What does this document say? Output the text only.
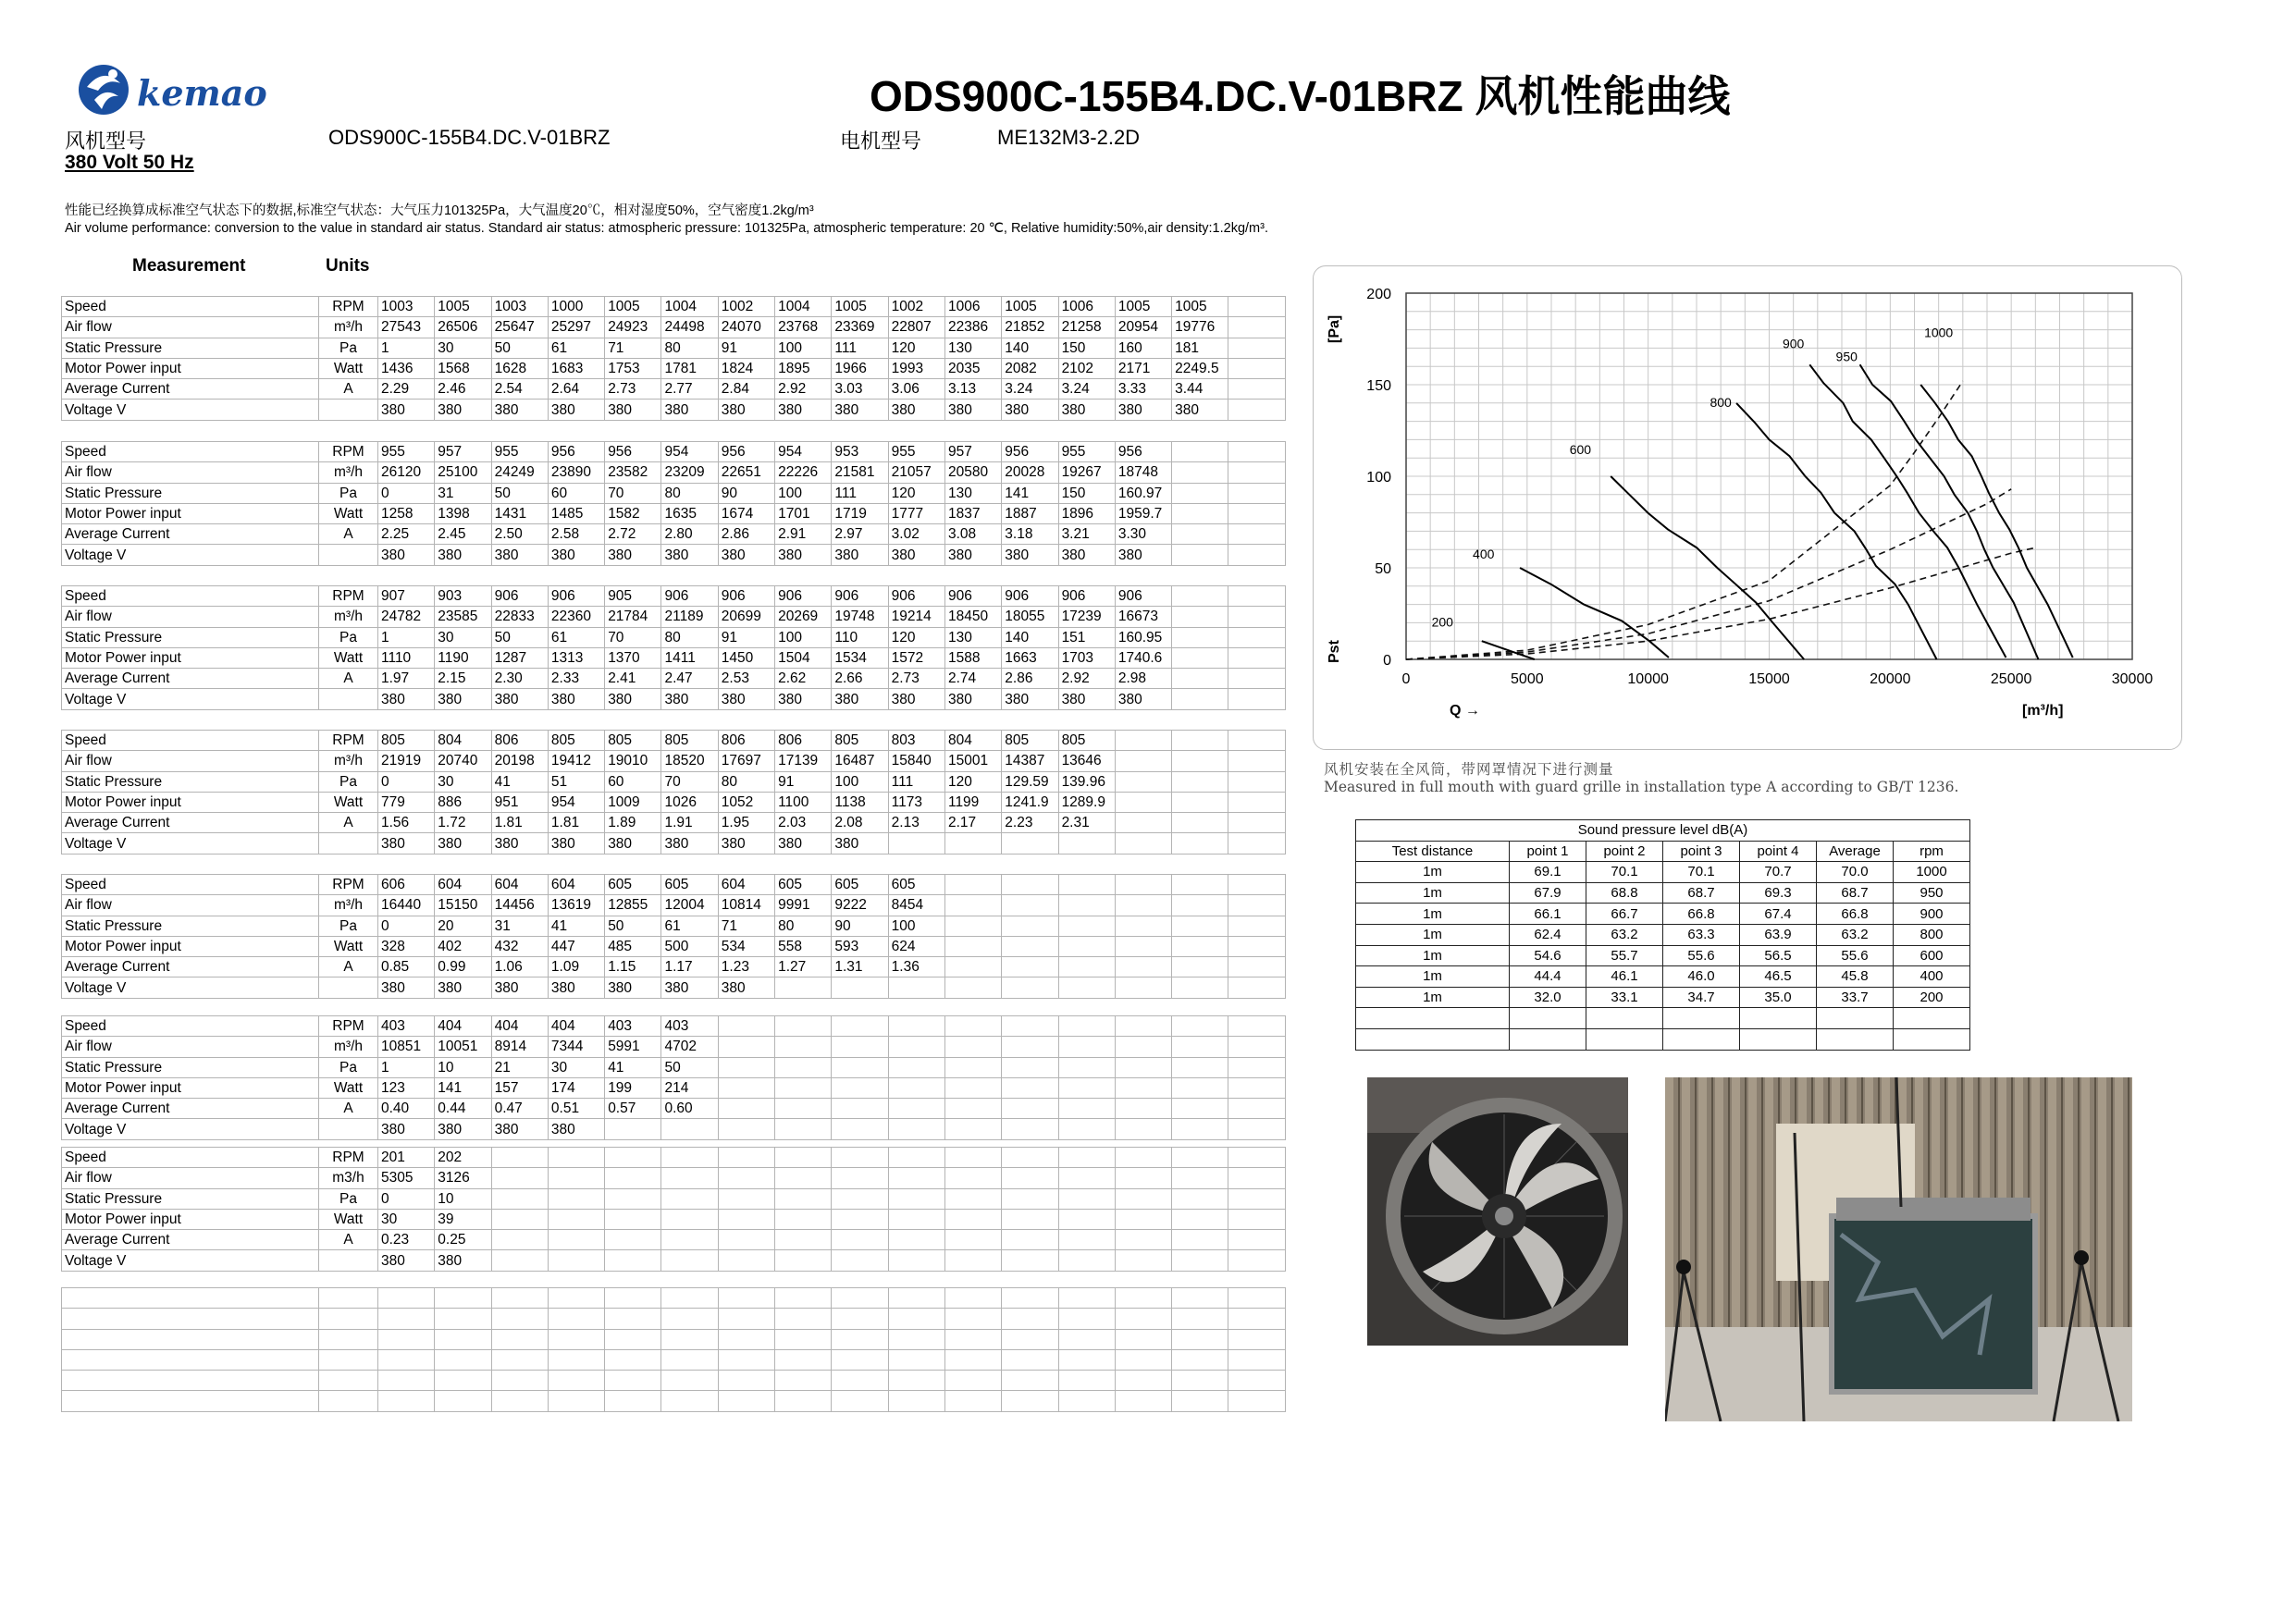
kemao	ODS900C-155B4.DC.V-01BRZ 风机性能曲线
风机型号	ODS900C-155B4.DC.V-01BRZ	电机型号	ME132M3-2.2D
380 Volt 50 Hz
性能已经换算成标准空气状态下的数据,标准空气状态：大气压力101325Pa，大气温度20℃，相对湿度50%，空气密度1.2kg/m³
Air volume performance: conversion to the value in standard air status. Standard air status: atmospheric pressure: 101325Pa, atmospheric temperature: 20 ℃, Relative humidity:50%,air density:1.2kg/m³.
Measurement	Units
Speed	RPM	1003	1005	1003	1000	1005	1004	1002	1004	1005	1002	1006	1005	1006	1005	1005	
Air flow	m³/h	27543	26506	25647	25297	24923	24498	24070	23768	23369	22807	22386	21852	21258	20954	19776	
Static Pressure	Pa	1	30	50	61	71	80	91	100	111	120	130	140	150	160	181	
Motor Power input	Watt	1436	1568	1628	1683	1753	1781	1824	1895	1966	1993	2035	2082	2102	2171	2249.5	
Average Current	A	2.29	2.46	2.54	2.64	2.73	2.77	2.84	2.92	3.03	3.06	3.13	3.24	3.24	3.33	3.44	
Voltage V		380	380	380	380	380	380	380	380	380	380	380	380	380	380	380	
Speed	RPM	955	957	955	956	956	954	956	954	953	955	957	956	955	956		
Air flow	m³/h	26120	25100	24249	23890	23582	23209	22651	22226	21581	21057	20580	20028	19267	18748		
Static Pressure	Pa	0	31	50	60	70	80	90	100	111	120	130	141	150	160.97		
Motor Power input	Watt	1258	1398	1431	1485	1582	1635	1674	1701	1719	1777	1837	1887	1896	1959.7		
Average Current	A	2.25	2.45	2.50	2.58	2.72	2.80	2.86	2.91	2.97	3.02	3.08	3.18	3.21	3.30		
Voltage V		380	380	380	380	380	380	380	380	380	380	380	380	380	380		
Speed	RPM	907	903	906	906	905	906	906	906	906	906	906	906	906	906		
Air flow	m³/h	24782	23585	22833	22360	21784	21189	20699	20269	19748	19214	18450	18055	17239	16673		
Static Pressure	Pa	1	30	50	61	70	80	91	100	110	120	130	140	151	160.95		
Motor Power input	Watt	1110	1190	1287	1313	1370	1411	1450	1504	1534	1572	1588	1663	1703	1740.6		
Average Current	A	1.97	2.15	2.30	2.33	2.41	2.47	2.53	2.62	2.66	2.73	2.74	2.86	2.92	2.98		
Voltage V		380	380	380	380	380	380	380	380	380	380	380	380	380	380		
Speed	RPM	805	804	806	805	805	805	806	806	805	803	804	805	805			
Air flow	m³/h	21919	20740	20198	19412	19010	18520	17697	17139	16487	15840	15001	14387	13646			
Static Pressure	Pa	0	30	41	51	60	70	80	91	100	111	120	129.59	139.96			
Motor Power input	Watt	779	886	951	954	1009	1026	1052	1100	1138	1173	1199	1241.9	1289.9			
Average Current	A	1.56	1.72	1.81	1.81	1.89	1.91	1.95	2.03	2.08	2.13	2.17	2.23	2.31			
Voltage V		380	380	380	380	380	380	380	380	380							
Speed	RPM	606	604	604	604	605	605	604	605	605	605						
Air flow	m³/h	16440	15150	14456	13619	12855	12004	10814	9991	9222	8454						
Static Pressure	Pa	0	20	31	41	50	61	71	80	90	100						
Motor Power input	Watt	328	402	432	447	485	500	534	558	593	624						
Average Current	A	0.85	0.99	1.06	1.09	1.15	1.17	1.23	1.27	1.31	1.36						
Voltage V		380	380	380	380	380	380	380									
Speed	RPM	403	404	404	404	403	403										
Air flow	m³/h	10851	10051	8914	7344	5991	4702										
Static Pressure	Pa	1	10	21	30	41	50										
Motor Power input	Watt	123	141	157	174	199	214										
Average Current	A	0.40	0.44	0.47	0.51	0.57	0.60										
Voltage V		380	380	380	380												
Speed	RPM	201	202														
Air flow	m3/h	5305	3126														
Static Pressure	Pa	0	10														
Motor Power input	Watt	30	39														
Average Current	A	0.23	0.25														
Voltage V		380	380														

0	5000	10000	15000	20000	25000	30000
0
50
100
150
200
Q →	[m³/h]
Pst
[Pa]	1000
950
900
800
600
400
200
风机安装在全风筒，带网罩情况下进行测量
Measured in full mouth with guard grille in installation type A according to GB/T 1236.
Sound pressure level dB(A)						
Test distance	point 1	point 2	point 3	point 4	Average	rpm
1m	69.1	70.1	70.1	70.7	70.0	1000
1m	67.9	68.8	68.7	69.3	68.7	950
1m	66.1	66.7	66.8	67.4	66.8	900
1m	62.4	63.2	63.3	63.9	63.2	800
1m	54.6	55.7	55.6	56.5	55.6	600
1m	44.4	46.1	46.0	46.5	45.8	400
1m	32.0	33.1	34.7	35.0	33.7	200
